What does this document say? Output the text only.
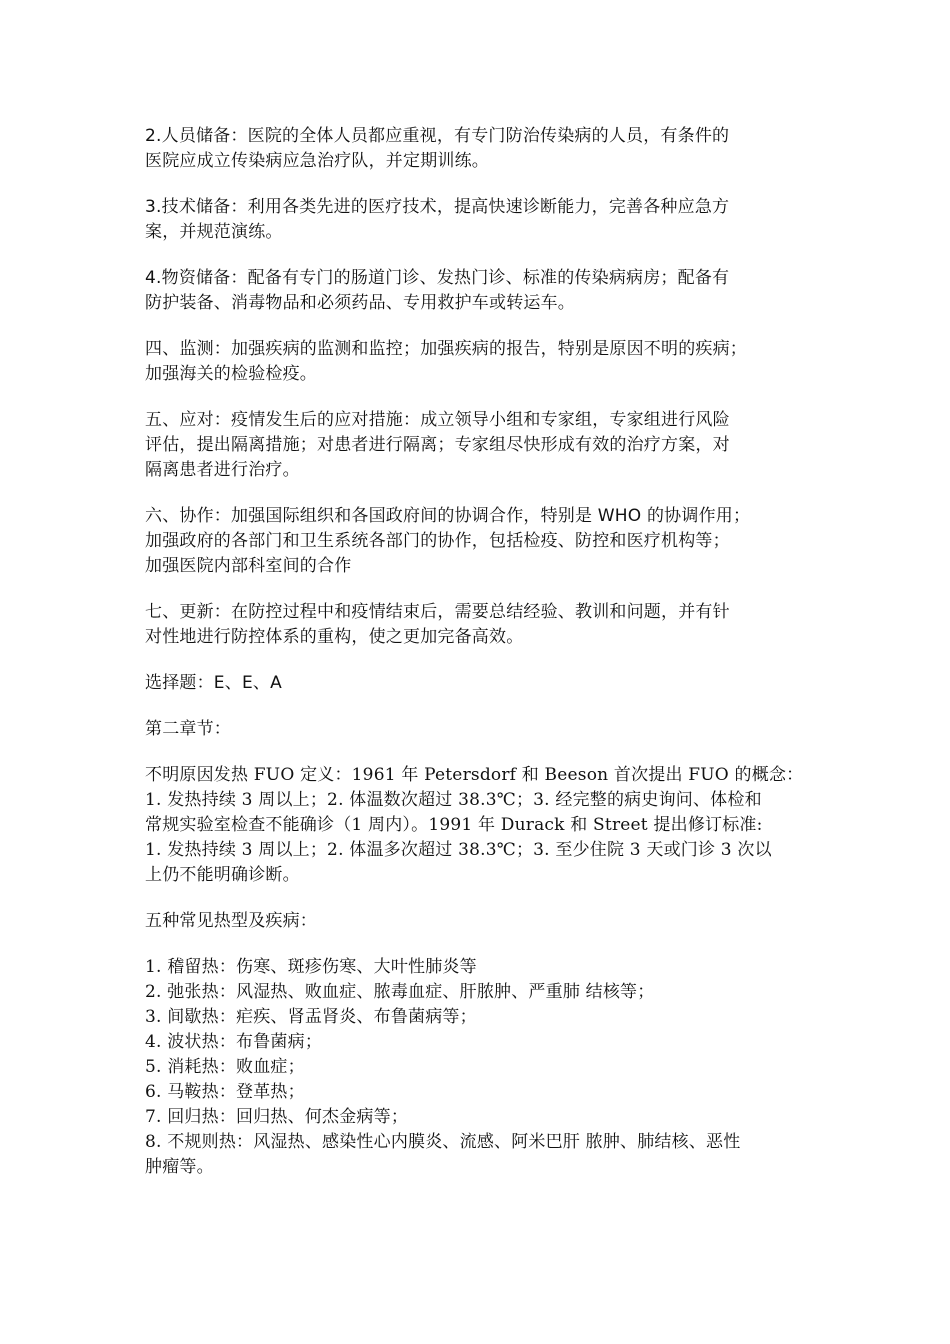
2.人员储备：医院的全体人员都应重视，有专门防治传染病的人员，有条件的
医院应成立传染病应急治疗队，并定期训练。

3.技术储备：利用各类先进的医疗技术，提高快速诊断能力，完善各种应急方
案，并规范演练。

4.物资储备：配备有专门的肠道门诊、发热门诊、标准的传染病病房；配备有
防护装备、消毒物品和必须药品、专用救护车或转运车。

四、监测：加强疾病的监测和监控；加强疾病的报告，特别是原因不明的疾病；
加强海关的检验检疫。

五、应对：疫情发生后的应对措施：成立领导小组和专家组，专家组进行风险
评估，提出隔离措施；对患者进行隔离；专家组尽快形成有效的治疗方案，对
隔离患者进行治疗。

六、协作：加强国际组织和各国政府间的协调合作，特别是 WHO 的协调作用；
加强政府的各部门和卫生系统各部门的协作，包括检疫、防控和医疗机构等；
加强医院内部科室间的合作

七、更新：在防控过程中和疫情结束后，需要总结经验、教训和问题，并有针
对性地进行防控体系的重构，使之更加完备高效。

选择题：E、E、A

第二章节：

不明原因发热 FUO 定义：1961 年 Petersdorf 和 Beeson 首次提出 FUO 的概念：
1. 发热持续 3 周以上；2. 体温数次超过 38.3℃；3. 经完整的病史询问、体检和
常规实验室检查不能确诊（1 周内）。1991 年 Durack 和 Street 提出修订标准:
1. 发热持续 3 周以上；2. 体温多次超过 38.3℃；3. 至少住院 3 天或门诊 3 次以
上仍不能明确诊断。

五种常见热型及疾病：

1. 稽留热：伤寒、斑疹伤寒、大叶性肺炎等
2. 弛张热：风湿热、败血症、脓毒血症、肝脓肿、严重肺 结核等；
3. 间歇热：疟疾、肾盂肾炎、布鲁菌病等；
4. 波状热：布鲁菌病；
5. 消耗热：败血症；
6. 马鞍热：登革热；
7. 回归热：回归热、何杰金病等；
8. 不规则热：风湿热、感染性心内膜炎、流感、阿米巴肝 脓肿、肺结核、恶性
肿瘤等。
